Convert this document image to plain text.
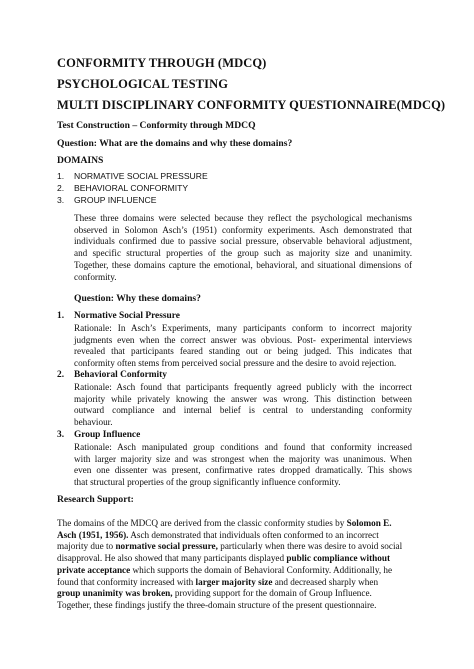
CONFORMITY THROUGH (MDCQ)
PSYCHOLOGICAL TESTING
MULTI DISCIPLINARY CONFORMITY QUESTIONNAIRE(MDCQ)
Test Construction – Conformity through MDCQ
Question: What are the domains and why these domains?
DOMAINS
1. NORMATIVE SOCIAL PRESSURE
2. BEHAVIORAL CONFORMITY
3. GROUP INFLUENCE
These three domains were selected because they reflect the psychological mechanisms
observed in Solomon Asch’s (1951) conformity experiments. Asch demonstrated that
individuals confirmed due to passive social pressure, observable behavioral adjustment,
and specific structural properties of the group such as majority size and unanimity.
Together, these domains capture the emotional, behavioral, and situational dimensions of
conformity.
Question: Why these domains?
1. Normative Social Pressure
Rationale: In Asch’s Experiments, many participants conform to incorrect majority
judgments even when the correct answer was obvious. Post- experimental interviews
revealed that participants feared standing out or being judged. This indicates that
conformity often stems from perceived social pressure and the desire to avoid rejection.
2. Behavioral Conformity
Rationale: Asch found that participants frequently agreed publicly with the incorrect
majority while privately knowing the answer was wrong. This distinction between
outward compliance and internal belief is central to understanding conformity
behaviour.
3. Group Influence
Rationale: Asch manipulated group conditions and found that conformity increased
with larger majority size and was strongest when the majority was unanimous. When
even one dissenter was present, confirmative rates dropped dramatically. This shows
that structural properties of the group significantly influence conformity.
Research Support:
The domains of the MDCQ are derived from the classic conformity studies by Solomon E.
Asch (1951, 1956). Asch demonstrated that individuals often conformed to an incorrect
majority due to normative social pressure, particularly when there was desire to avoid social
disapproval. He also showed that many participants displayed public compliance without
private acceptance which supports the domain of Behavioral Conformity. Additionally, he
found that conformity increased with larger majority size and decreased sharply when
group unanimity was broken, providing support for the domain of Group Influence.
Together, these findings justify the three-domain structure of the present questionnaire.
